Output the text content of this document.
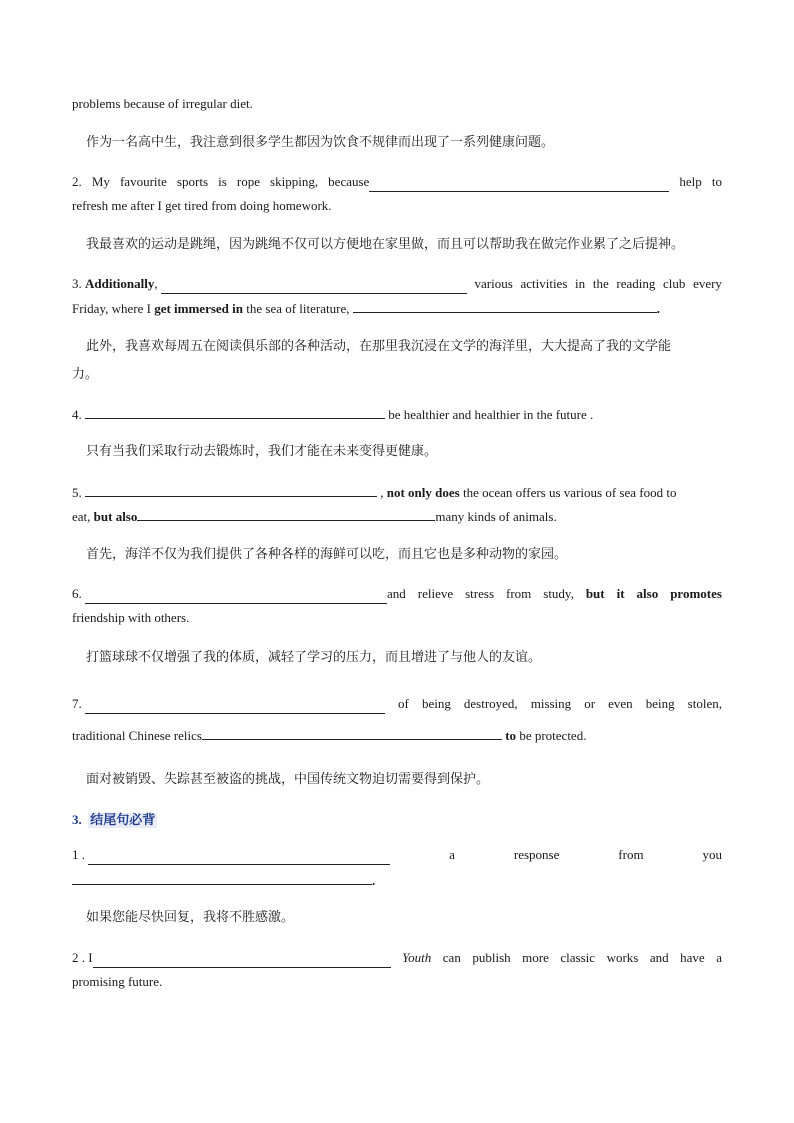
problems because of irregular diet.
作为一名高中生，我注意到很多学生都因为饮食不规律而出现了一系列健康问题。
2. My favourite sports is rope skipping, because	help to
refresh me after I get tired from doing homework.
我最喜欢的运动是跳绳，因为跳绳不仅可以方便地在家里做，而且可以帮助我在做完作业累了之后提神。
3.
Additionally ,
	various activities in the reading club every
Friday, where I get immersed in the sea of literature,	.
此外，我喜欢每周五在阅读俱乐部的各种活动，在那里我沉浸在文学的海洋里，大大提高了我的文学能
力。
4.	be healthier and healthier in the future .
只有当我们采取行动去锻炼时，我们才能在未来变得更健康。
5.	, not only does the ocean offers us various of sea food to
eat, but also	many kinds of animals.
首先，海洋不仅为我们提供了各种各样的海鲜可以吃，而且它也是多种动物的家园。
6.
	and relieve stress from study, but it also promotes
friendship with others.
打篮球球不仅增强了我的体质，减轻了学习的压力，而且增进了与他人的友谊。
7.
	of being destroyed, missing or even being stolen,
traditional Chinese relics	to be protected.
面对被销毁、失踪甚至被盗的挑战，中国传统文物迫切需要得到保护。
3. 结尾句必背
1 .
	a	response	from	you
.
如果您能尽快回复，我将不胜感激。
2 . I	Youth can publish more classic works and have a
promising future.
